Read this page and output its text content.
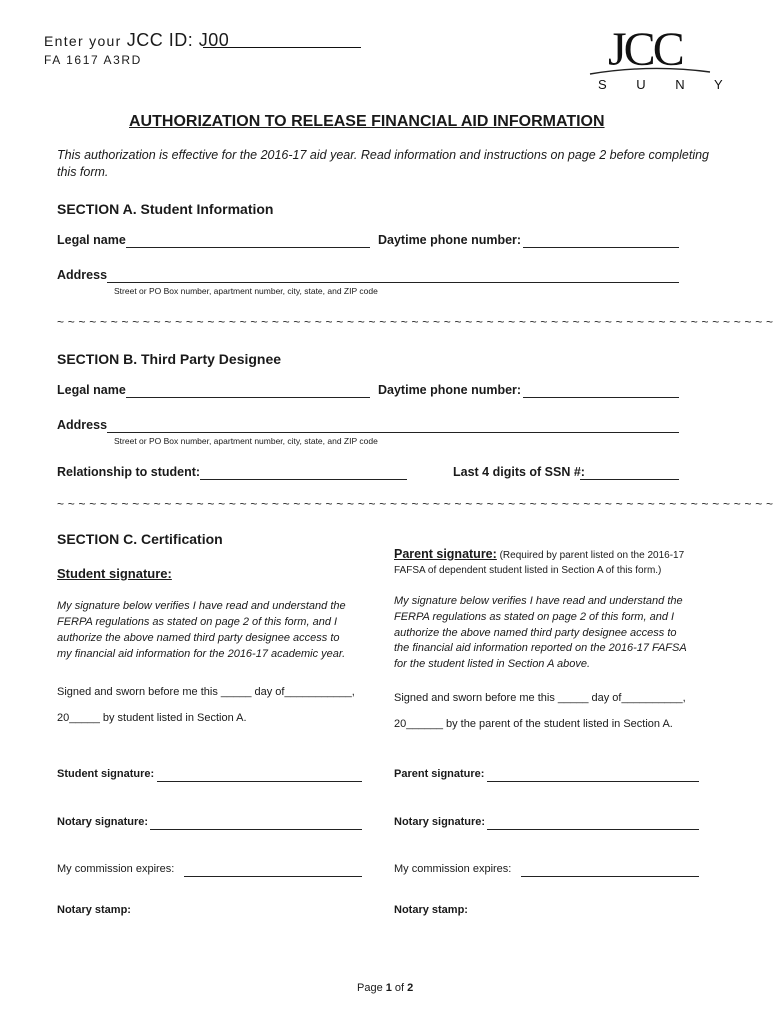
Enter your JCC ID: J00
FA 1617 A3RD	JCC
S U N Y
AUTHORIZATION TO RELEASE FINANCIAL AID INFORMATION
This authorization is effective for the 2016-17 aid year. Read information and instructions on page 2 before completing
this form.
SECTION A. Student Information
Legal name	Daytime phone number:
Address
Street or PO Box number, apartment number, city, state, and ZIP code
~ ~ ~ ~ ~ ~ ~ ~ ~ ~ ~ ~ ~ ~ ~ ~ ~ ~ ~ ~ ~ ~ ~ ~ ~ ~ ~ ~ ~ ~ ~ ~ ~ ~ ~ ~ ~ ~ ~ ~ ~ ~ ~ ~ ~ ~ ~ ~ ~ ~ ~ ~ ~ ~ ~ ~ ~ ~ ~ ~ ~ ~ ~ ~ ~ ~ ~
SECTION B. Third Party Designee
Legal name	Daytime phone number:
Address
Street or PO Box number, apartment number, city, state, and ZIP code
Relationship to student:	Last 4 digits of SSN #:
~ ~ ~ ~ ~ ~ ~ ~ ~ ~ ~ ~ ~ ~ ~ ~ ~ ~ ~ ~ ~ ~ ~ ~ ~ ~ ~ ~ ~ ~ ~ ~ ~ ~ ~ ~ ~ ~ ~ ~ ~ ~ ~ ~ ~ ~ ~ ~ ~ ~ ~ ~ ~ ~ ~ ~ ~ ~ ~ ~ ~ ~ ~ ~ ~ ~ ~
SECTION C. Certification
Student signature:
My signature below verifies I have read and understand the
FERPA regulations as stated on page 2 of this form, and I
authorize the above named third party designee access to
my financial aid information for the 2016-17 academic year.
Signed and sworn before me this _____ day of___________,
20_____ by student listed in Section A.
Student signature:
Notary signature:
My commission expires:
Notary stamp:
Parent signature: (Required by parent listed on the 2016-17
FAFSA of dependent student listed in Section A of this form.)
My signature below verifies I have read and understand the
FERPA regulations as stated on page 2 of this form, and I
authorize the above named third party designee access to
the financial aid information reported on the 2016-17 FAFSA
for the student listed in Section A above.
Signed and sworn before me this _____ day of__________,
20______ by the parent of the student listed in Section A.
Parent signature:
Notary signature:
My commission expires:
Notary stamp:
Page 1 of 2
